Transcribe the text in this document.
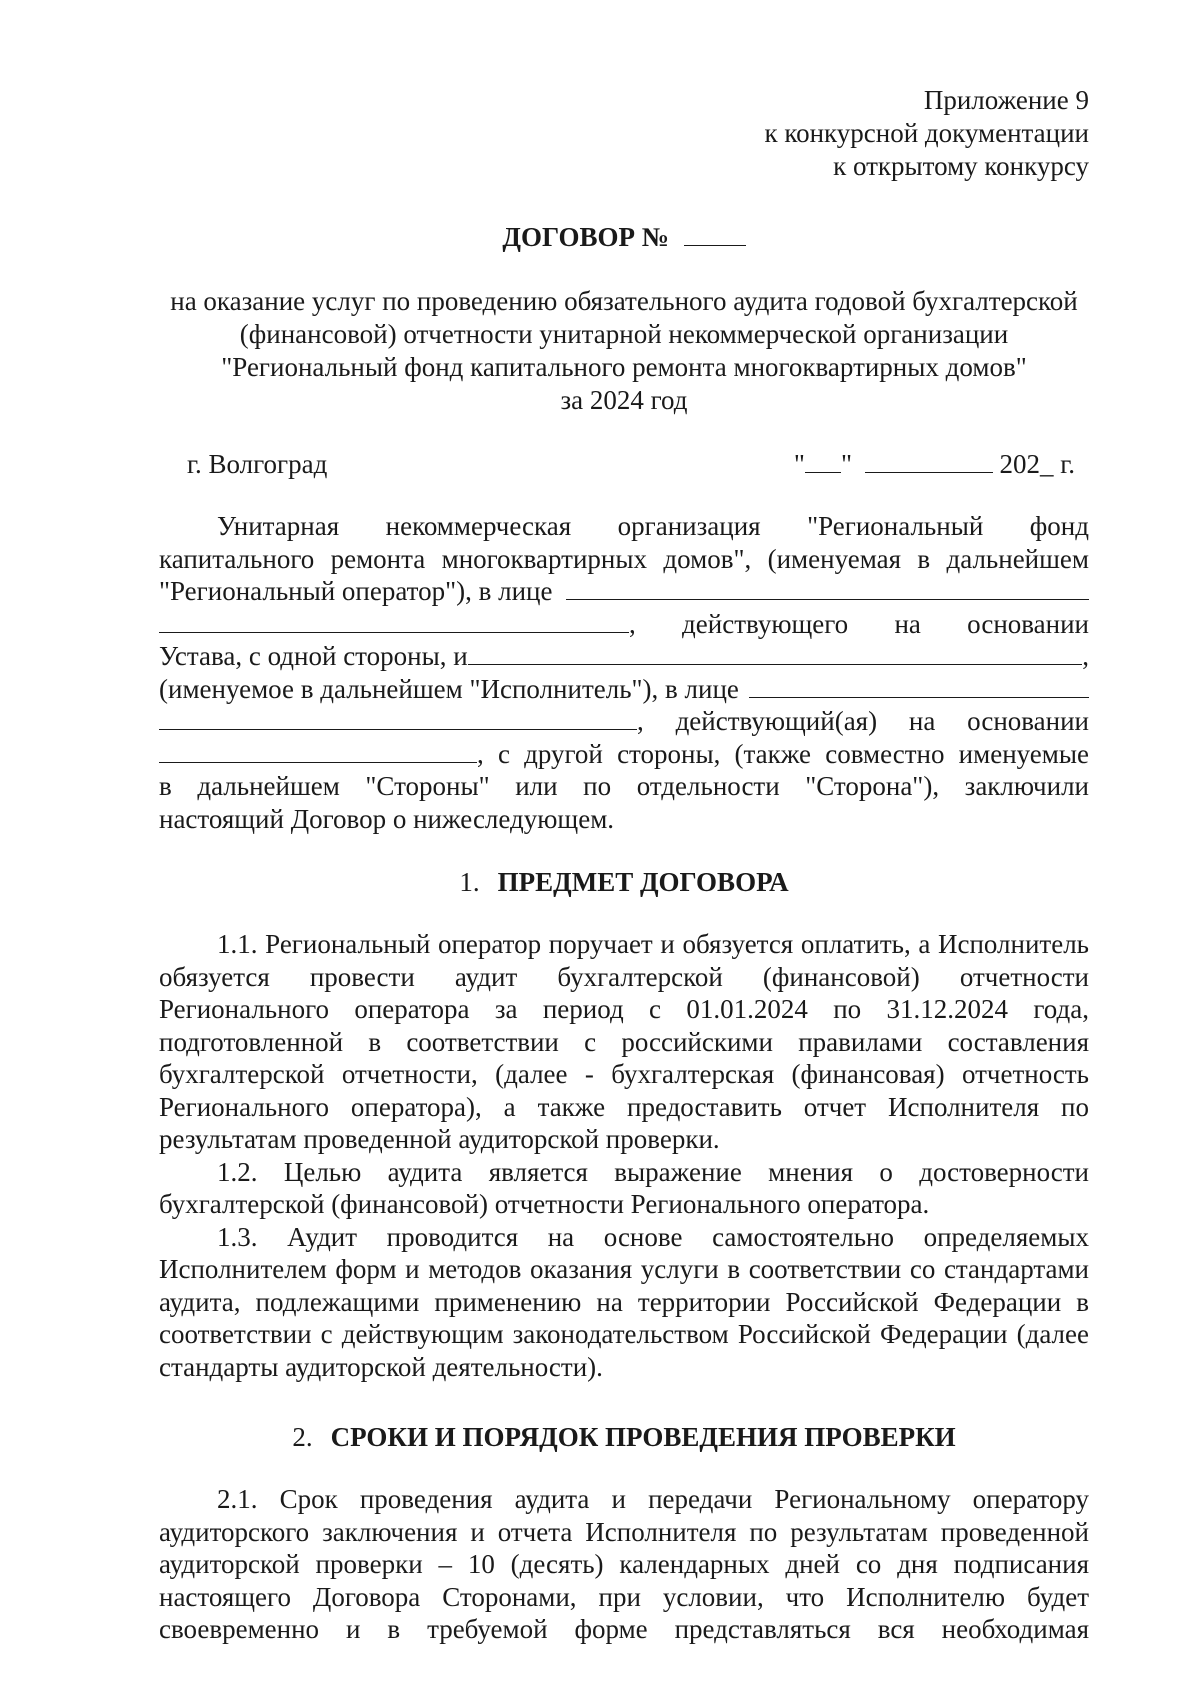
Приложение 9
к конкурсной документации
к открытому конкурсу
ДОГОВОР №
на оказание услуг по проведению обязательного аудита годовой бухгалтерской
(финансовой) отчетности унитарной некоммерческой организации
"Региональный фонд капитального ремонта многоквартирных домов"
за 2024 год
г. Волгоград	" "	202_ г.
Унитарная некоммерческая организация "Региональный фонд
капитального ремонта многоквартирных домов", (именуемая в дальнейшем
"Региональный оператор"), в лице
, действующего на основании
Устава, с одной стороны, и	,
(именуемое в дальнейшем "Исполнитель"), в лице
, действующий(ая) на основании
, с другой стороны, (также совместно именуемые
в дальнейшем "Стороны" или по отдельности "Сторона"), заключили
настоящий Договор о нижеследующем.
1. ПРЕДМЕТ ДОГОВОРА

1.1. Региональный оператор поручает и обязуется оплатить, а Исполнитель обязуется провести аудит бухгалтерской (финансовой) отчетности Регионального оператора за период с 01.01.2024 по 31.12.2024 года, подготовленной в соответствии с российскими правилами составления бухгалтерской отчетности, (далее - бухгалтерская (финансовая) отчетность Регионального оператора), а также предоставить отчет Исполнителя по результатам проведенной аудиторской проверки.

1.2. Целью аудита является выражение мнения о достоверности бухгалтерской (финансовой) отчетности Регионального оператора.

1.3. Аудит проводится на основе самостоятельно определяемых Исполнителем форм и методов оказания услуги в соответствии со стандартами аудита, подлежащими применению на территории Российской Федерации в соответствии с действующим законодательством Российской Федерации (далее стандарты аудиторской деятельности).

2. СРОКИ И ПОРЯДОК ПРОВЕДЕНИЯ ПРОВЕРКИ

2.1. Срок проведения аудита и передачи Региональному оператору аудиторского заключения и отчета Исполнителя по результатам проведенной аудиторской проверки – 10 (десять) календарных дней со дня подписания настоящего Договора Сторонами, при условии, что Исполнителю будет своевременно и в требуемой форме представляться вся необходимая
